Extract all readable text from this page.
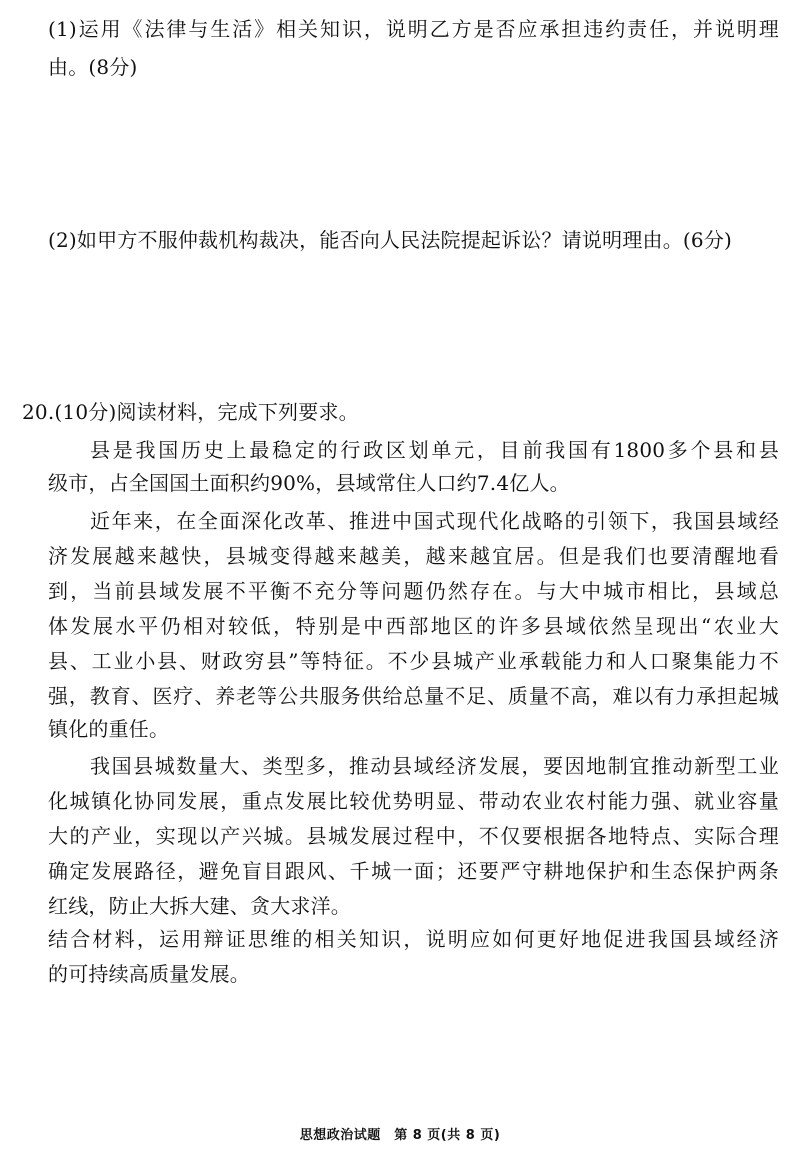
(1)运用《法律与生活》相关知识，说明乙方是否应承担违约责任，并说明理
由。(8分)
(2)如甲方不服仲裁机构裁决，能否向人民法院提起诉讼？请说明理由。(6分)
20.(10分)阅读材料，完成下列要求。
县是我国历史上最稳定的行政区划单元，目前我国有1800多个县和县
级市，占全国国土面积约90%，县域常住人口约7.4亿人。
近年来，在全面深化改革、推进中国式现代化战略的引领下，我国县域经
济发展越来越快，县城变得越来越美，越来越宜居。但是我们也要清醒地看
到，当前县域发展不平衡不充分等问题仍然存在。与大中城市相比，县域总
体发展水平仍相对较低，特别是中西部地区的许多县域依然呈现出“农业大
县、工业小县、财政穷县”等特征。不少县城产业承载能力和人口聚集能力不
强，教育、医疗、养老等公共服务供给总量不足、质量不高，难以有力承担起城
镇化的重任。
我国县城数量大、类型多，推动县域经济发展，要因地制宜推动新型工业
化城镇化协同发展，重点发展比较优势明显、带动农业农村能力强、就业容量
大的产业，实现以产兴城。县城发展过程中，不仅要根据各地特点、实际合理
确定发展路径，避免盲目跟风、千城一面；还要严守耕地保护和生态保护两条
红线，防止大拆大建、贪大求洋。
结合材料，运用辩证思维的相关知识，说明应如何更好地促进我国县域经济
的可持续高质量发展。
思想政治试题　第 8 页(共 8 页)
